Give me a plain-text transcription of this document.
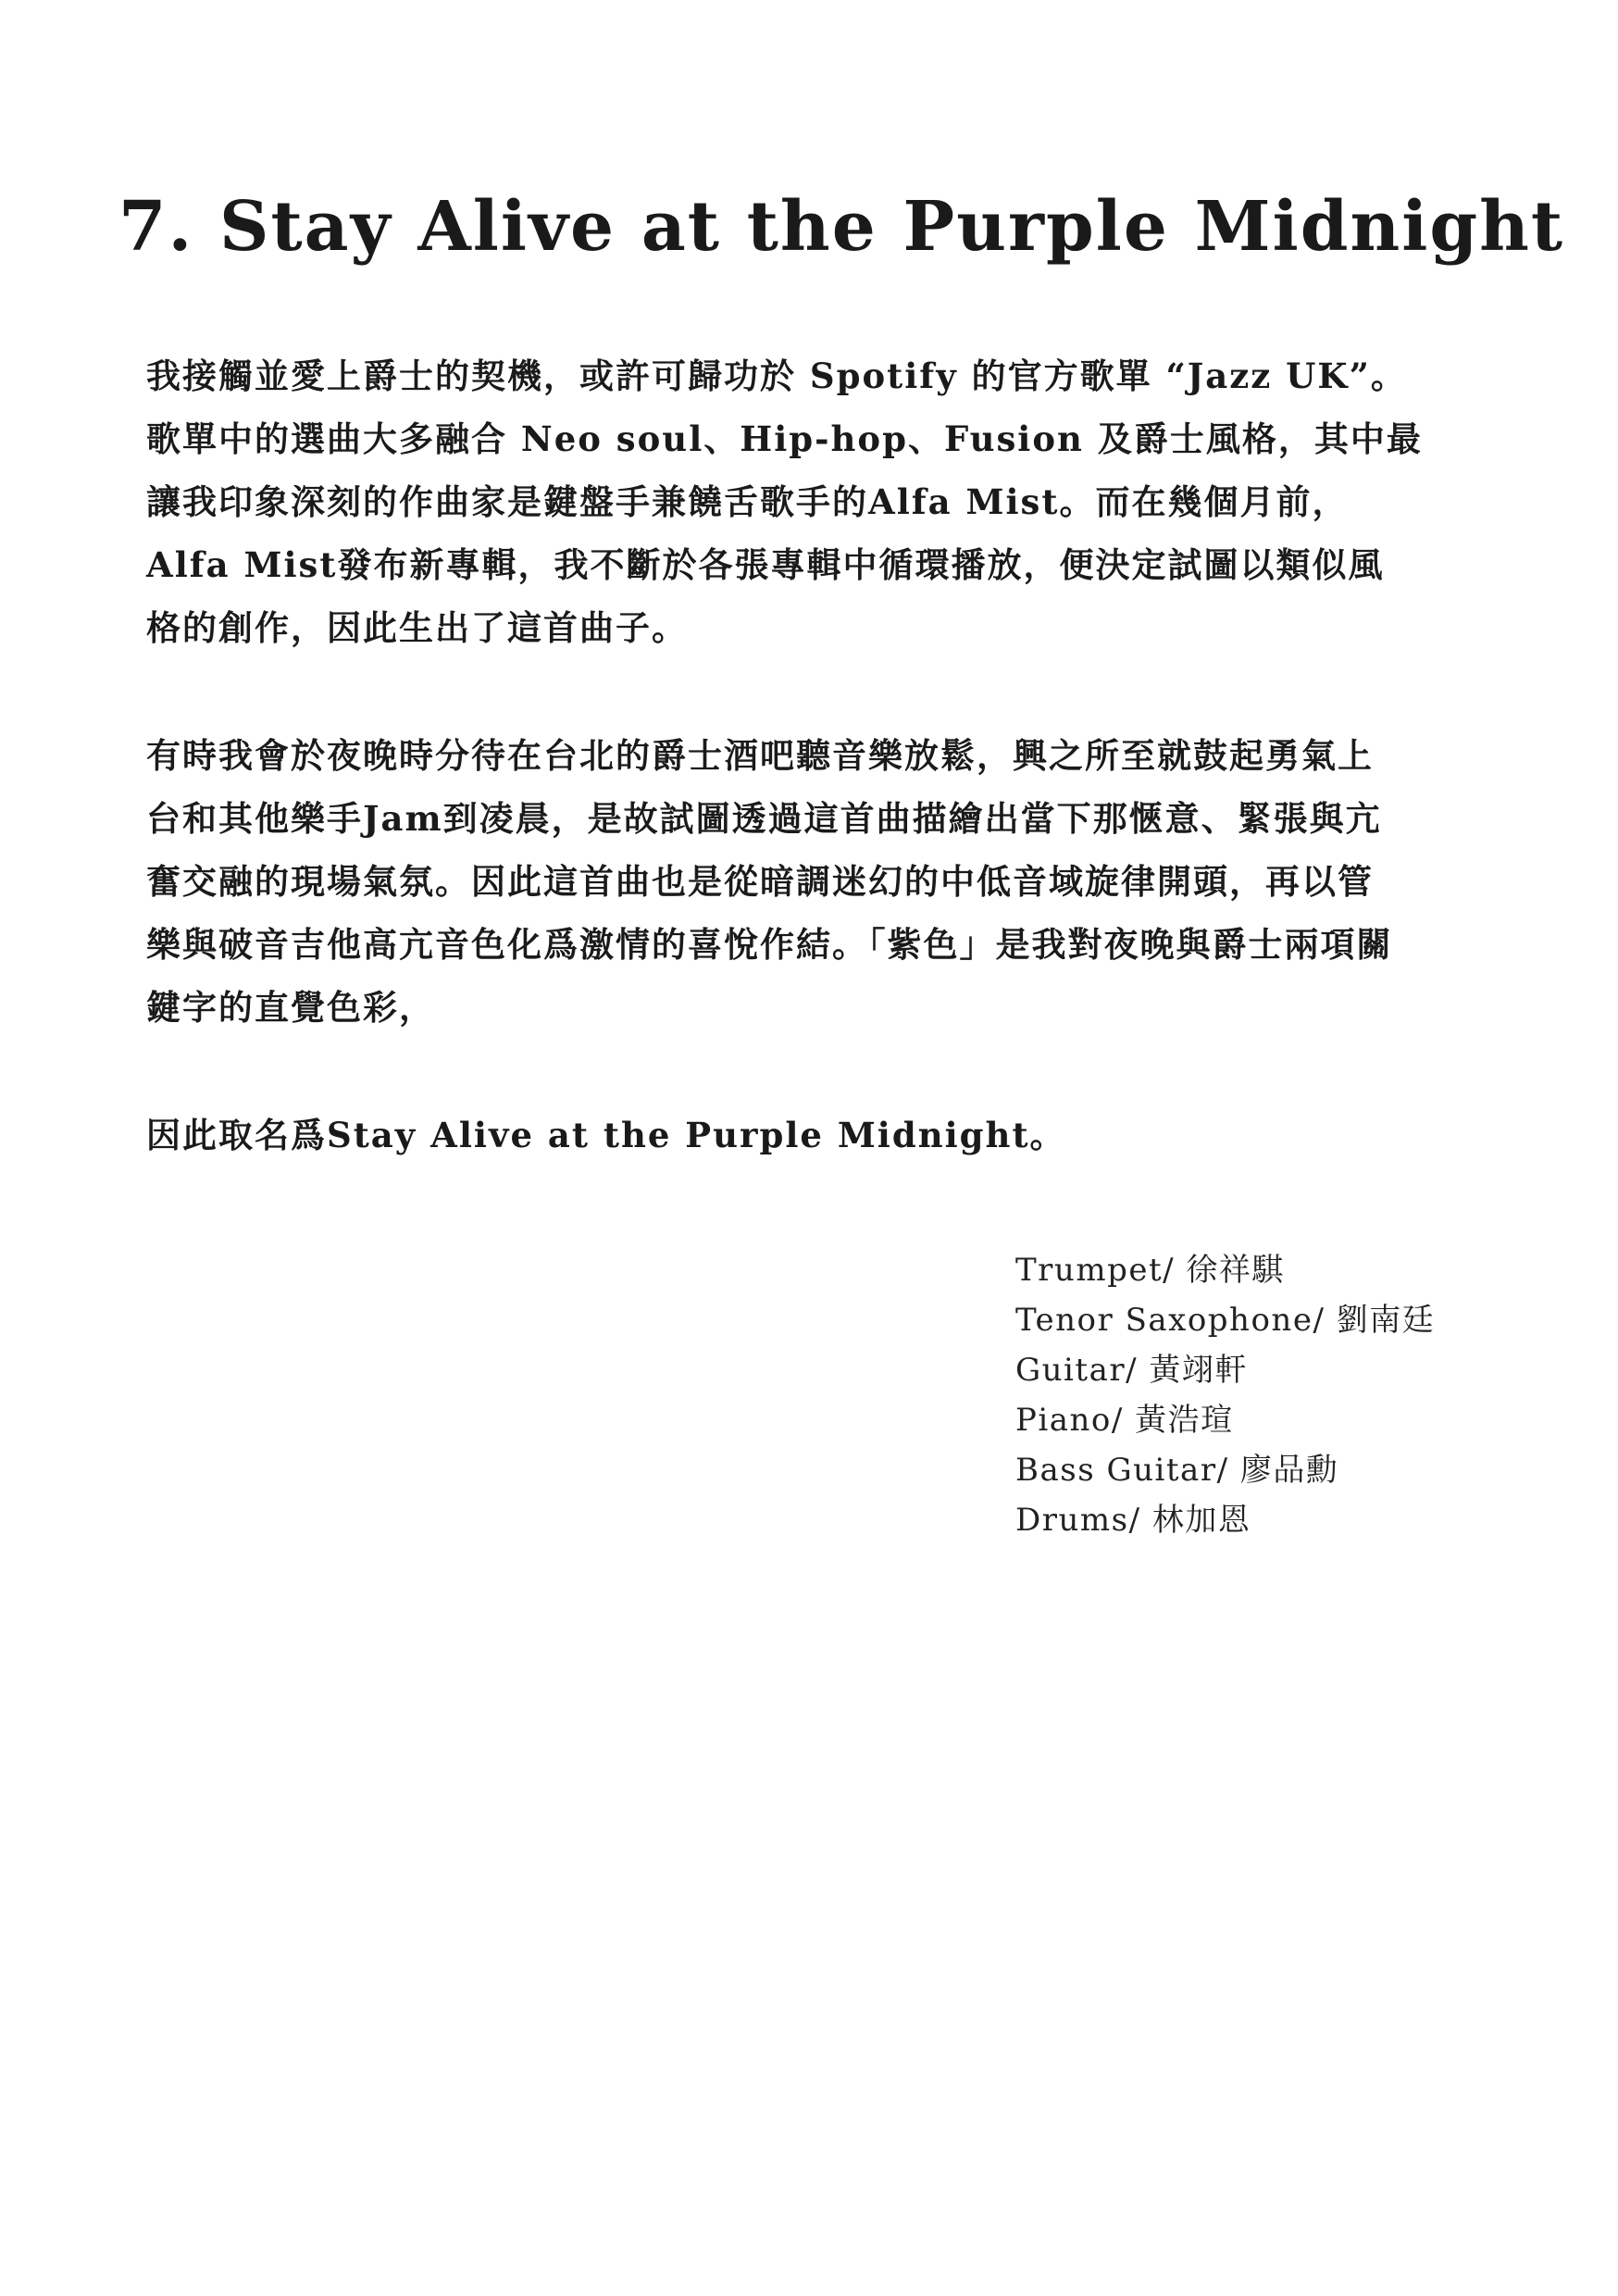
7. Stay Alive at the Purple Midnight
我接觸並愛上爵士的契機，或許可歸功於 Spotify 的官方歌單 “Jazz UK”。
歌單中的選曲大多融合 Neo soul、Hip-hop、Fusion 及爵士風格，其中最
讓我印象深刻的作曲家是鍵盤手兼饒舌歌手的Alfa Mist。而在幾個月前，
Alfa Mist發布新專輯，我不斷於各張專輯中循環播放，便決定試圖以類似風
格的創作，因此生出了這首曲子。
有時我會於夜晚時分待在台北的爵士酒吧聽音樂放鬆，興之所至就鼓起勇氣上
台和其他樂手Jam到凌晨，是故試圖透過這首曲描繪出當下那愜意、緊張與亢
奮交融的現場氣氛。因此這首曲也是從暗調迷幻的中低音域旋律開頭，再以管
樂與破音吉他高亢音色化爲激情的喜悅作結。「紫色」是我對夜晚與爵士兩項關
鍵字的直覺色彩，
因此取名爲Stay Alive at the Purple Midnight。
Trumpet/ 徐祥騏
Tenor Saxophone/ 劉南廷
Guitar/ 黃翊軒
Piano/ 黃浩瑄
Bass Guitar/ 廖品勳
Drums/ 林加恩
